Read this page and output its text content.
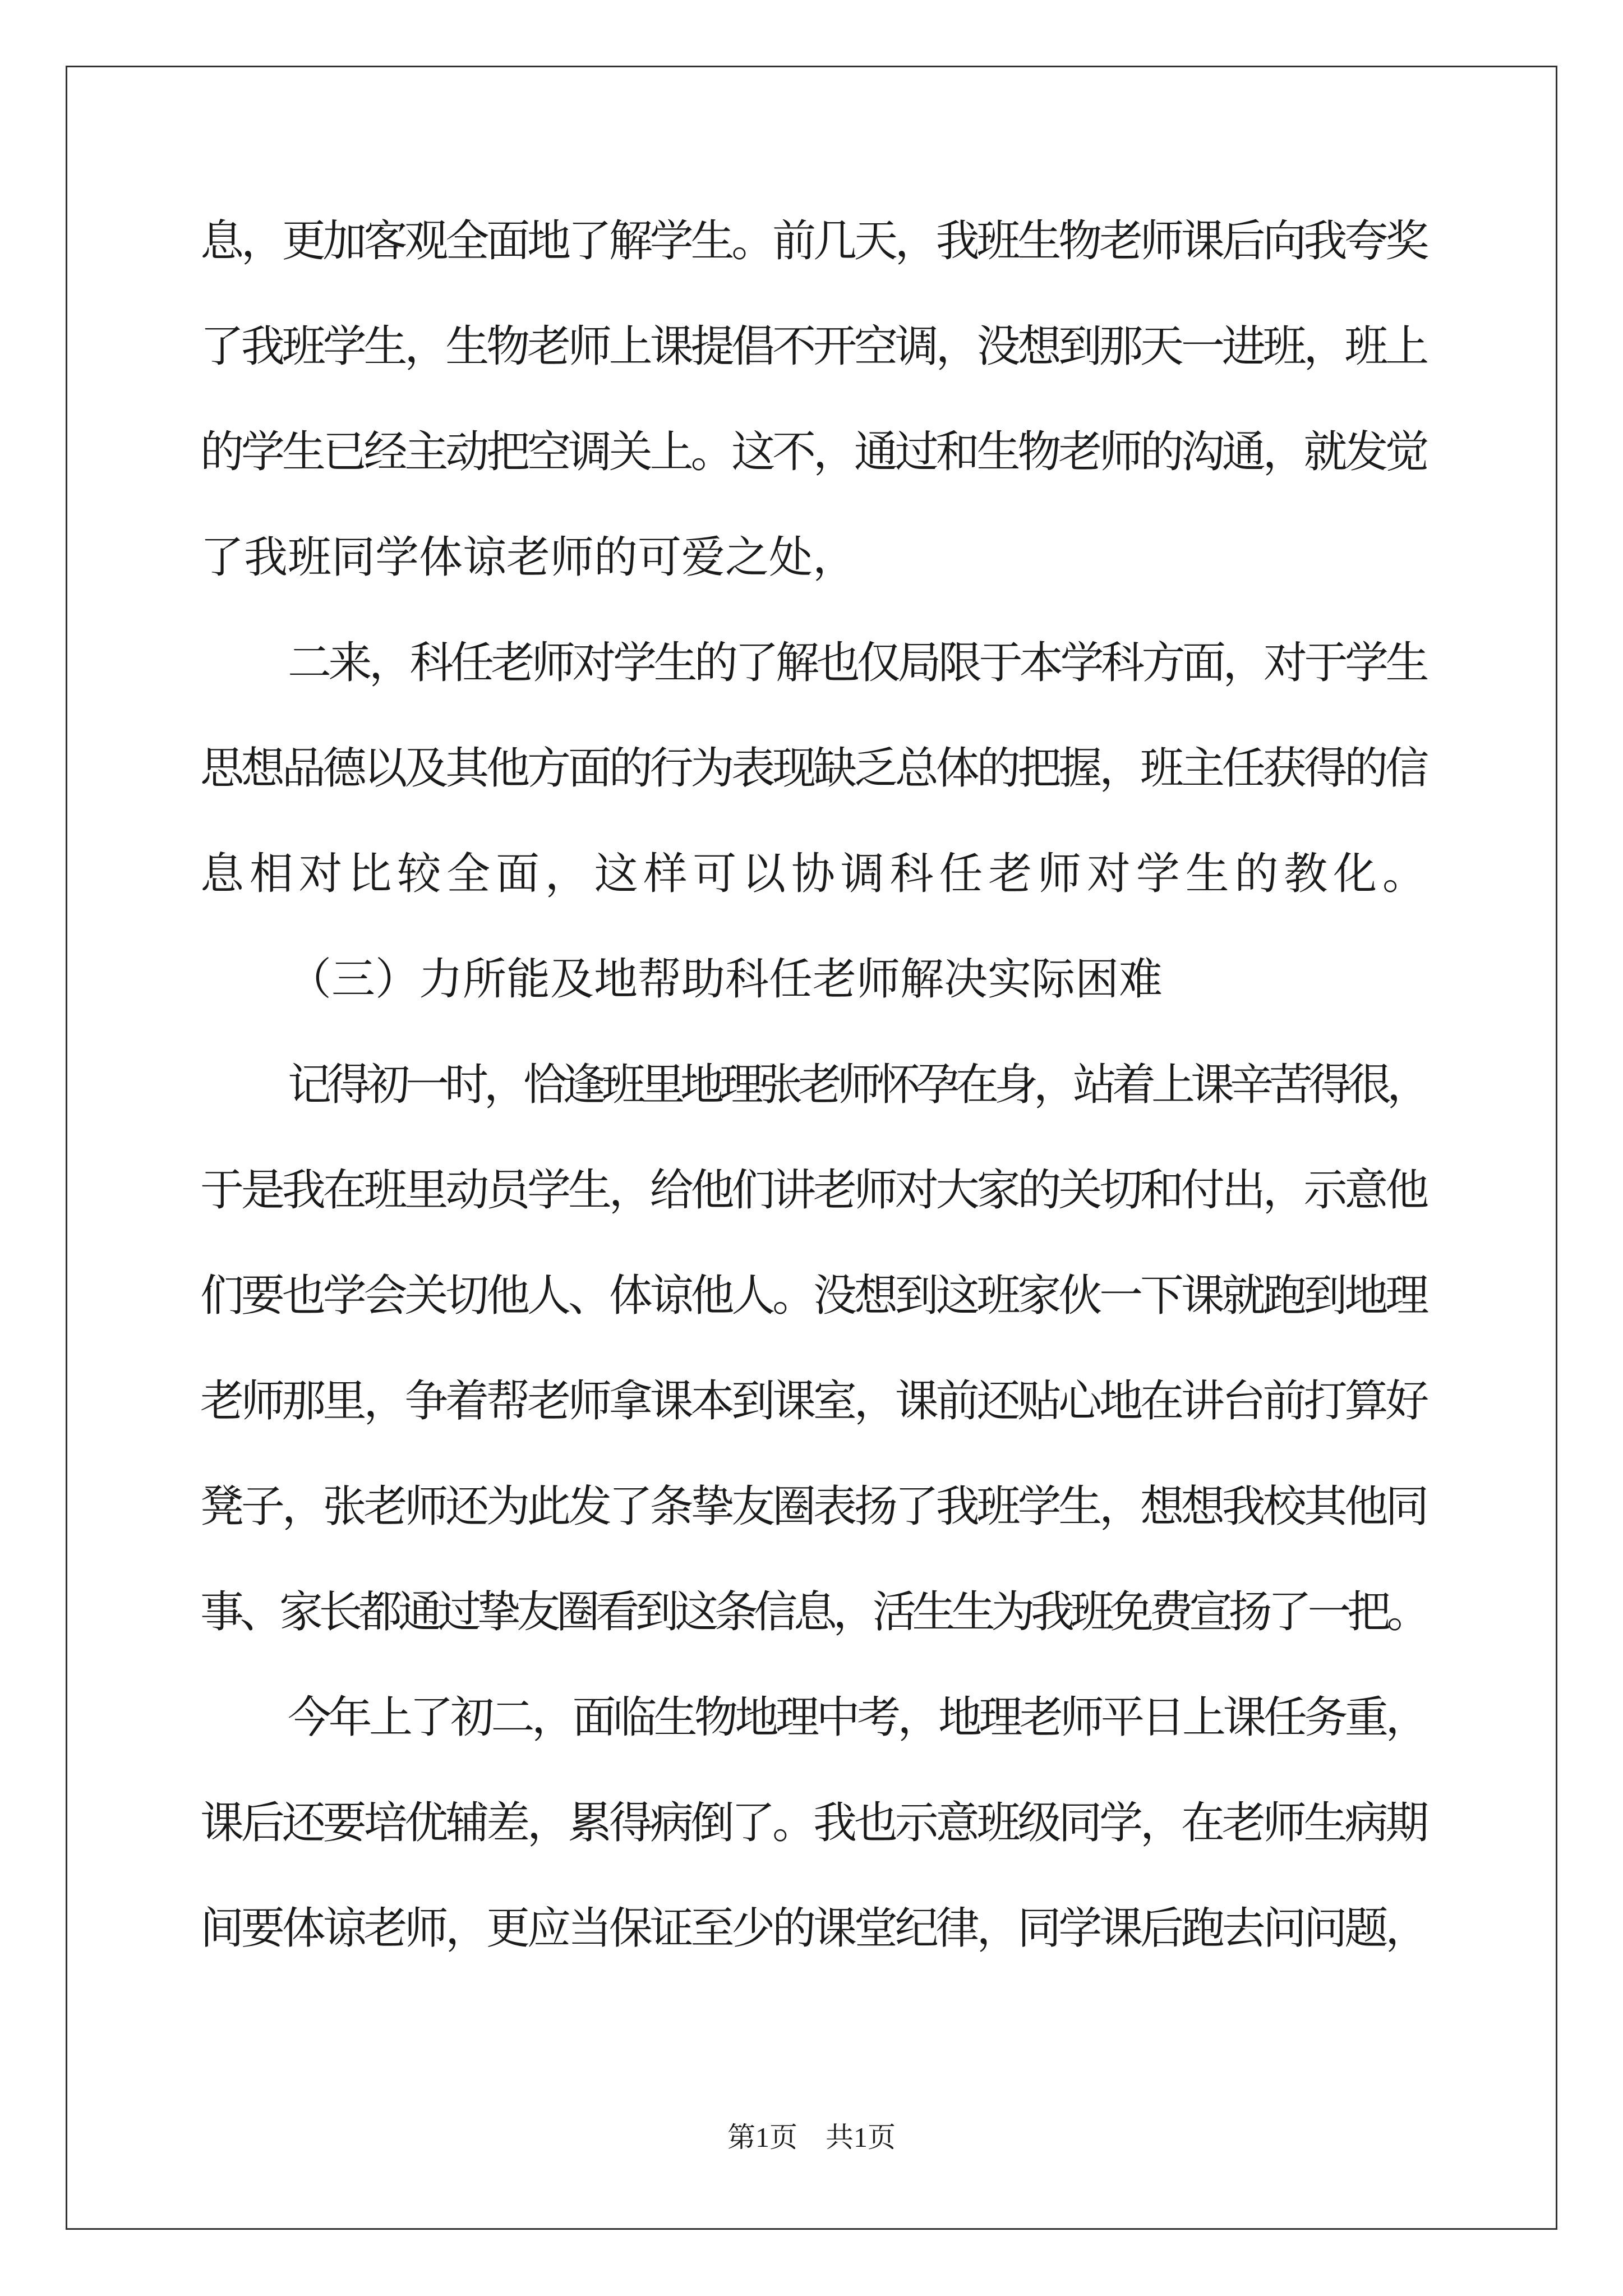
息，更加客观全面地了解学生。前几天，我班生物老师课后向我夸奖
了我班学生，生物老师上课提倡不开空调，没想到那天一进班，班上
的学生已经主动把空调关上。这不，通过和生物老师的沟通，就发觉
了我班同学体谅老师的可爱之处，
二来，科任老师对学生的了解也仅局限于本学科方面，对于学生
思想品德以及其他方面的行为表现缺乏总体的把握，班主任获得的信
息相对比较全面，这样可以协调科任老师对学生的教化。
（三）力所能及地帮助科任老师解决实际困难
记得初一时，恰逢班里地理张老师怀孕在身，站着上课辛苦得很，
于是我在班里动员学生，给他们讲老师对大家的关切和付出，示意他
们要也学会关切他人、体谅他人。没想到这班家伙一下课就跑到地理
老师那里，争着帮老师拿课本到课室，课前还贴心地在讲台前打算好
凳子，张老师还为此发了条挚友圈表扬了我班学生，想想我校其他同
事、家长都通过挚友圈看到这条信息，活生生为我班免费宣扬了一把。
今年上了初二，面临生物地理中考，地理老师平日上课任务重，
课后还要培优辅差，累得病倒了。我也示意班级同学，在老师生病期
间要体谅老师，更应当保证至少的课堂纪律，同学课后跑去问问题，
第1页 共1页
